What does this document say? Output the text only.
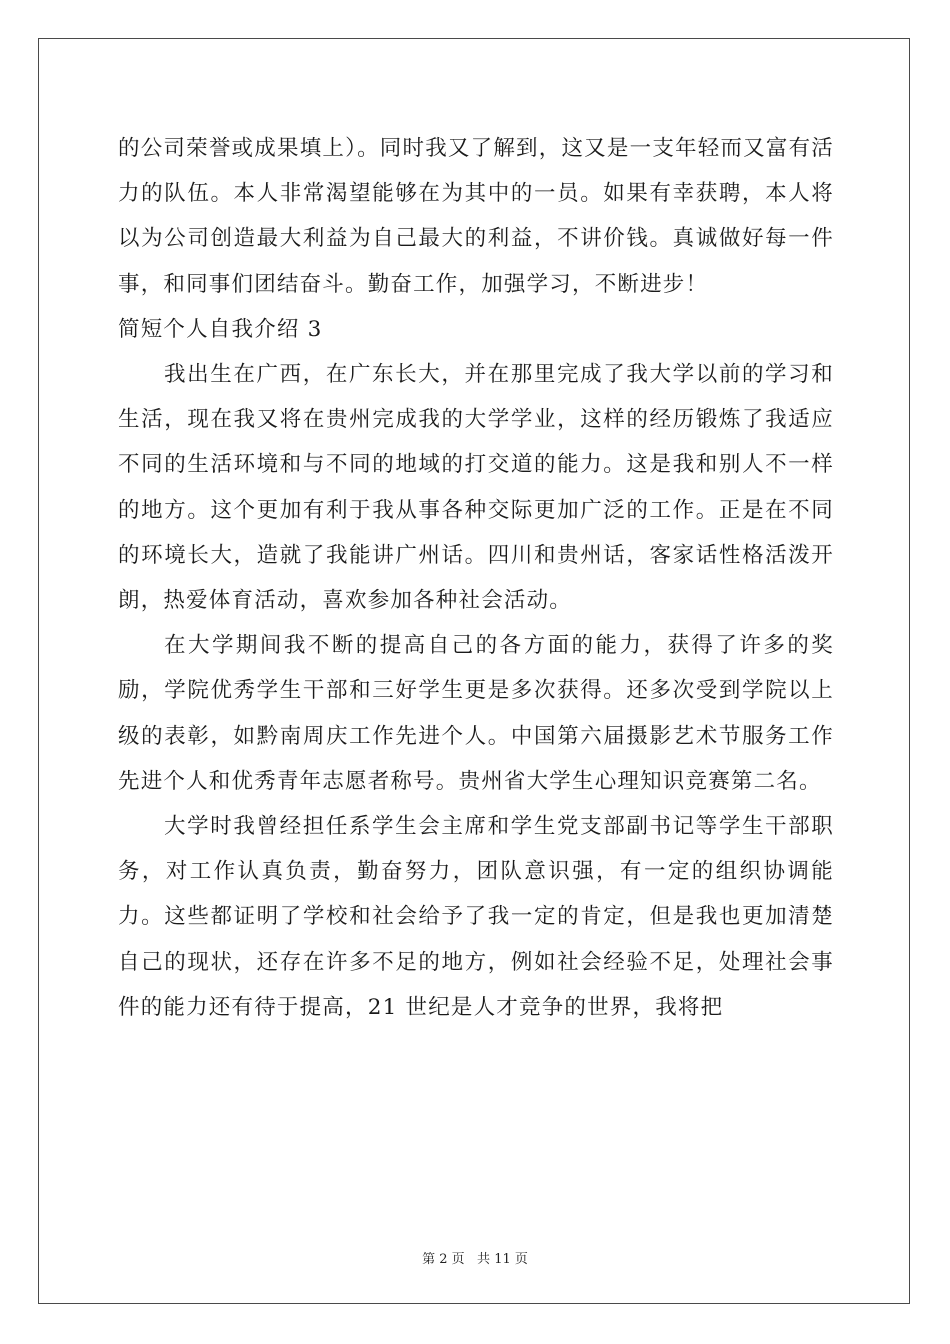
的公司荣誉或成果填上）。同时我又了解到，这又是一支年轻而又富有活力的队伍。本人非常渴望能够在为其中的一员。如果有幸获聘，本人将以为公司创造最大利益为自己最大的利益，不讲价钱。真诚做好每一件事，和同事们团结奋斗。勤奋工作，加强学习，不断进步！

简短个人自我介绍 3

我出生在广西，在广东长大，并在那里完成了我大学以前的学习和生活，现在我又将在贵州完成我的大学学业，这样的经历锻炼了我适应不同的生活环境和与不同的地域的打交道的能力。这是我和别人不一样的地方。这个更加有利于我从事各种交际更加广泛的工作。正是在不同的环境长大，造就了我能讲广州话。四川和贵州话，客家话性格活泼开朗，热爱体育活动，喜欢参加各种社会活动。

在大学期间我不断的提高自己的各方面的能力，获得了许多的奖励，学院优秀学生干部和三好学生更是多次获得。还多次受到学院以上级的表彰，如黔南周庆工作先进个人。中国第六届摄影艺术节服务工作先进个人和优秀青年志愿者称号。贵州省大学生心理知识竞赛第二名。

大学时我曾经担任系学生会主席和学生党支部副书记等学生干部职务，对工作认真负责，勤奋努力，团队意识强，有一定的组织协调能力。这些都证明了学校和社会给予了我一定的肯定，但是我也更加清楚自己的现状，还存在许多不足的地方，例如社会经验不足，处理社会事件的能力还有待于提高，21 世纪是人才竞争的世界，我将把

第 2 页   共 11 页
